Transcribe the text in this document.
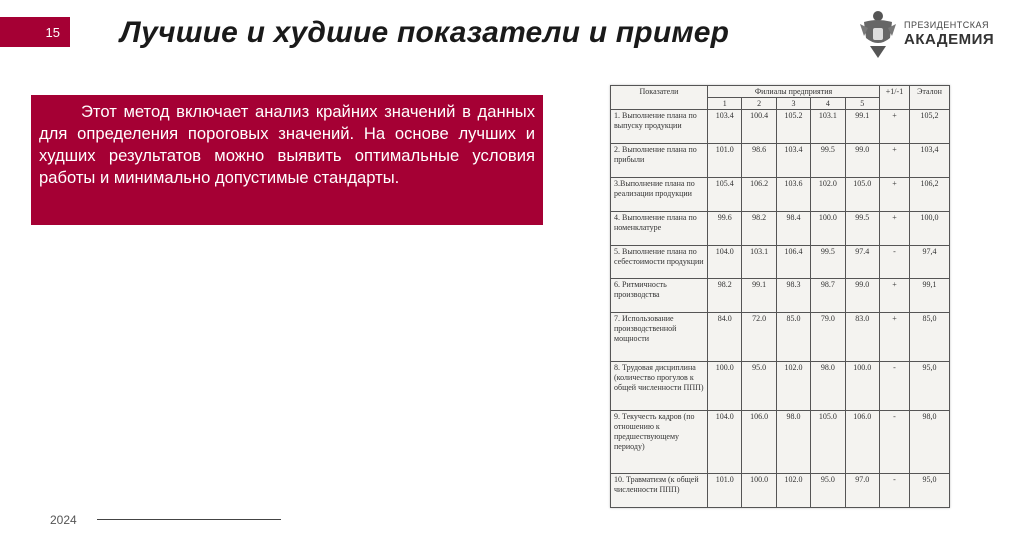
15 Лучшие и худшие показатели и пример	ПРЕЗИДЕНТСКАЯ
АКАДЕМИЯ
Этот метод включает анализ крайних значений в данных для определения пороговых значений. На основе лучших и худших результатов можно выявить оптимальные условия работы и минимально допустимые стандарты.
Показатели	Филиалы предприятия					+1/-1	Эталон
	1	2	3	4	5		
1. Выполнение плана по выпуску продукции	103.4	100.4	105.2	103.1	99.1	+	105,2
2. Выполнение плана по прибыли	101.0	98.6	103.4	99.5	99.0	+	103,4
3.Выполнение плана по реализации продукции	105.4	106.2	103.6	102.0	105.0	+	106,2
4. Выполнение плана по номенклатуре	99.6	98.2	98.4	100.0	99.5	+	100,0
5. Выполнение плана по себестоимости продукции	104.0	103.1	106.4	99.5	97.4	-	97,4
6. Ритмичность производства	98.2	99.1	98.3	98.7	99.0	+	99,1
7. Использование производственной мощности	84.0	72.0	85.0	79.0	83.0	+	85,0
8. Трудовая дисциплина (количество прогулов к общей численности ППП)	100.0	95.0	102.0	98.0	100.0	-	95,0
9. Текучесть кадров (по отношению к предшествующему периоду)	104.0	106.0	98.0	105.0	106.0	-	98,0
10. Травматизм (к общей численности ППП)	101.0	100.0	102.0	95.0	97.0	-	95,0
2024
